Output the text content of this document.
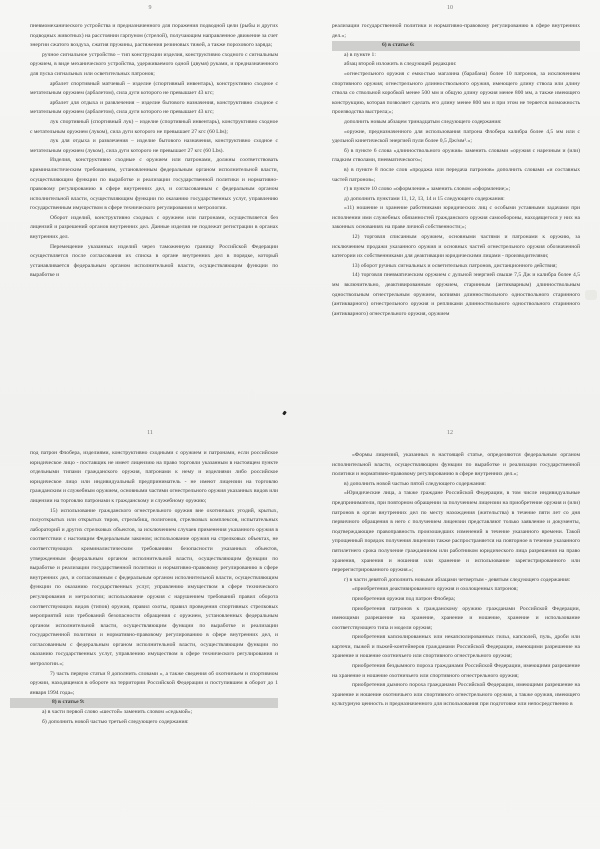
9

пневмомеханического устройства и предназначенного для поражения подводной цели (рыбы и других подводных животных) на расстоянии гарпуном (стрелой), получающим направленное движение за счет энергии сжатого воздуха, сжатия пружины, растяжения резиновых тяжей, а также порохового заряда;

ручное сигнальное устройство – тип конструкции изделия, конструктивно сходного с сигнальным оружием, в виде механического устройства, удерживаемого одной (двумя) руками, и предназначенного для пуска сигнальных или осветительных патронов;

арбалет спортивный матчевый – изделие (спортивный инвентарь), конструктивно сходное с метательным оружием (арбалетом), сила дуги которого не превышает 43 кгс;

арбалет для отдыха и развлечения – изделие бытового назначения, конструктивно сходное с метательным оружием (арбалетом), сила дуги которого не превышает 43 кгс;

лук спортивный (спортивный лук) – изделие (спортивный инвентарь), конструктивно сходное с метательным оружием (луком), сила дуги которого не превышает 27 кгс (60 Lbs);

лук для отдыха и развлечения – изделие бытового назначения, конструктивно сходное с метательным оружием (луком), сила дуги которого не превышает 27 кгс (60 Lbs).

Изделия, конструктивно сходные с оружием или патронами, должны соответствовать криминалистическим требованиям, установленным федеральным органом исполнительной власти, осуществляющим функции по выработке и реализации государственной политики и нормативно-правовому регулированию в сфере внутренних дел, и согласованным с федеральным органом исполнительной власти, осуществляющим функции по оказанию государственных услуг, управлению государственным имуществом в сфере технического регулирования и метрологии.

Оборот изделий, конструктивно сходных с оружием или патронами, осуществляется без лицензий и разрешений органов внутренних дел. Данные изделия не подлежат регистрации в органах внутренних дел.

Перемещение указанных изделий через таможенную границу Российской Федерации осуществляется после согласования их списка в органе внутренних дел в порядке, который устанавливается федеральным органом исполнительной власти, осуществляющим функции по выработке и

10

реализации государственной политики и нормативно-правовому регулированию в сфере внутренних дел.»;

6) в статье 6:

а) в пункте 1:

абзац второй изложить в следующей редакции:

«огнестрельного оружия с емкостью магазина (барабана) более 10 патронов, за исключением спортивного оружия; огнестрельного длинноствольного оружия, имеющего длину ствола или длину ствола со ствольной коробкой менее 500 мм и общую длину оружия менее 800 мм, а также имеющего конструкцию, которая позволяет сделать его длину менее 800 мм и при этом не теряется возможность производства выстрела;»;

дополнить новым абзацем тринадцатым следующего содержания:

«оружие, предназначенного для использования патрона Флобера калибра более 4,5 мм или с удельной кинетической энергией пули более 0,5 Дж/мм².»;

б) в пункте 6 слова «длинноствольного оружия» заменить словами «оружия с нарезным и (или) гладким стволами, пневматического»;

в) в пункте 8 после слов «продажа или передача патронов» дополнить словами «и составных частей патронов»;

г) в пункте 10 слово «оформление.» заменить словом «оформление;»;

д) дополнить пунктами 11, 12, 13, 14 и 15 следующего содержания:

«11) ношение и хранение работниками юридических лиц с особыми уставными задачами при исполнении ими служебных обязанностей гражданского оружия самообороны, находящегося у них на законных основаниях на праве личной собственности;»;

12) торговля списанным оружием, основными частями и патронами к оружию, за исключением продажи указанного оружия и основных частей огнестрельного оружия обозначенной категории их собственниками для деактивации юридическими лицами - производителями;

13) оборот ручных сигнальных и осветительных патронов, дистанционного действия;

14) торговля пневматическим оружием с дульной энергией свыше 7,5 Дж и калибра более 4,5 мм включительно, деактивированным оружием, старинным (антикварным) длинноствольным одноствольным огнестрельным оружием, копиями длинноствольного одноствольного старинного (антикварного) огнестрельного оружия и репликами длинноствольного одноствольного старинного (антикварного) огнестрельного оружия, оружием

11

под патрон Флобера, изделиями, конструктивно сходными с оружием и патронами, если российское юридическое лицо - поставщик не имеет лицензию на право торговли указанным в настоящем пункте отдельными типами гражданского оружия, патронами к нему и изделиями либо российское юридическое лицо или индивидуальный предприниматель - не имеют лицензии на торговлю гражданским и служебным оружием, основными частями огнестрельного оружия указанных видов или лицензии на торговлю патронами к гражданскому и служебному оружию;

15) использование гражданского огнестрельного оружия вне охотничьих угодий, крытых, полуоткрытых или открытых тиров, стрельбищ, полигонов, стрелковых комплексов, испытательных лабораторий и других стрелковых объектов, за исключением случаев применения указанного оружия в соответствии с настоящим Федеральным законом; использование оружия на стрелковых объектах, не соответствующих криминалистическим требованиям безопасности указанных объектов, утвержденным федеральным органом исполнительной власти, осуществляющим функции по выработке и реализации государственной политики и нормативно-правовому регулированию в сфере внутренних дел, и согласованным с федеральным органом исполнительной власти, осуществляющим функции по оказанию государственных услуг, управлению имуществом в сфере технического регулирования и метрологии; использование оружия с нарушением требований правил оборота соответствующих видов (типов) оружия, правил охоты, правил проведения спортивных стрелковых мероприятий или требований безопасности обращения с оружием, установленных федеральным органом исполнительной власти, осуществляющим функции по выработке и реализации государственной политики и нормативно-правовому регулированию в сфере внутренних дел, и согласованным с федеральным органом исполнительной власти, осуществляющим функции по оказанию государственных услуг, управлению имуществом в сфере технического регулирования и метрологии.»;

7) часть первую статьи 8 дополнить словами «, а также сведения об охотничьем и спортивном оружии, находящемся в обороте на территории Российской Федерации и поступившем в оборот до 1 января 1994 года»;

8) в статье 9:

а) в части первой слово «шестой» заменить словом «седьмой»;

б) дополнить новой частью третьей следующего содержания:

12

«Формы лицензий, указанных в настоящей статье, определяются федеральным органом исполнительной власти, осуществляющим функции по выработке и реализации государственной политики и нормативно-правовому регулированию в сфере внутренних дел.»;

в) дополнить новой частью пятой следующего содержания:

«Юридические лица, а также граждане Российской Федерации, в том числе индивидуальные предприниматели, при повторном обращении за получением лицензии на приобретение оружия и (или) патронов в орган внутренних дел по месту нахождения (жительства) в течение пяти лет со дня первичного обращения в него с получением лицензии представляют только заявление и документы, подтверждающие правоправность произошедших изменений в течение указанного времени. Такой упрощенный порядок получения лицензии также распространяется на повторное в течение указанного пятилетнего срока получение гражданином или работником юридического лица разрешения на право хранения, хранения и ношения или хранение и использование зарегистрированного или перерегистрированного оружия.»;

г) в части девятой дополнить новыми абзацами четвертым - девятым следующего содержания:

«приобретения деактивированного оружия и охолощенных патронов;

приобретения оружия под патрон Флобера;

приобретения патронов к гражданскому оружию гражданами Российской Федерации, имеющими разрешение на хранение, хранение и ношение, хранение и использование соответствующего типа и модели оружия;

приобретения капсюлированных или некапсюлированных гильз, капсюлей, пуль, дроби или картечи, пыжей и пыжей-контейнеров гражданами Российской Федерации, имеющими разрешение на хранение и ношение охотничьего или спортивного огнестрельного оружия;

приобретения бездымного пороха гражданами Российской Федерации, имеющими разрешение на хранение и ношение охотничьего или спортивного огнестрельного оружия;

приобретения дымного пороха гражданами Российской Федерации, имеющими разрешение на хранение и ношение охотничьего или спортивного огнестрельного оружия, а также оружия, имеющего культурную ценность и предназначенного для использования при подготовке или непосредственно в
